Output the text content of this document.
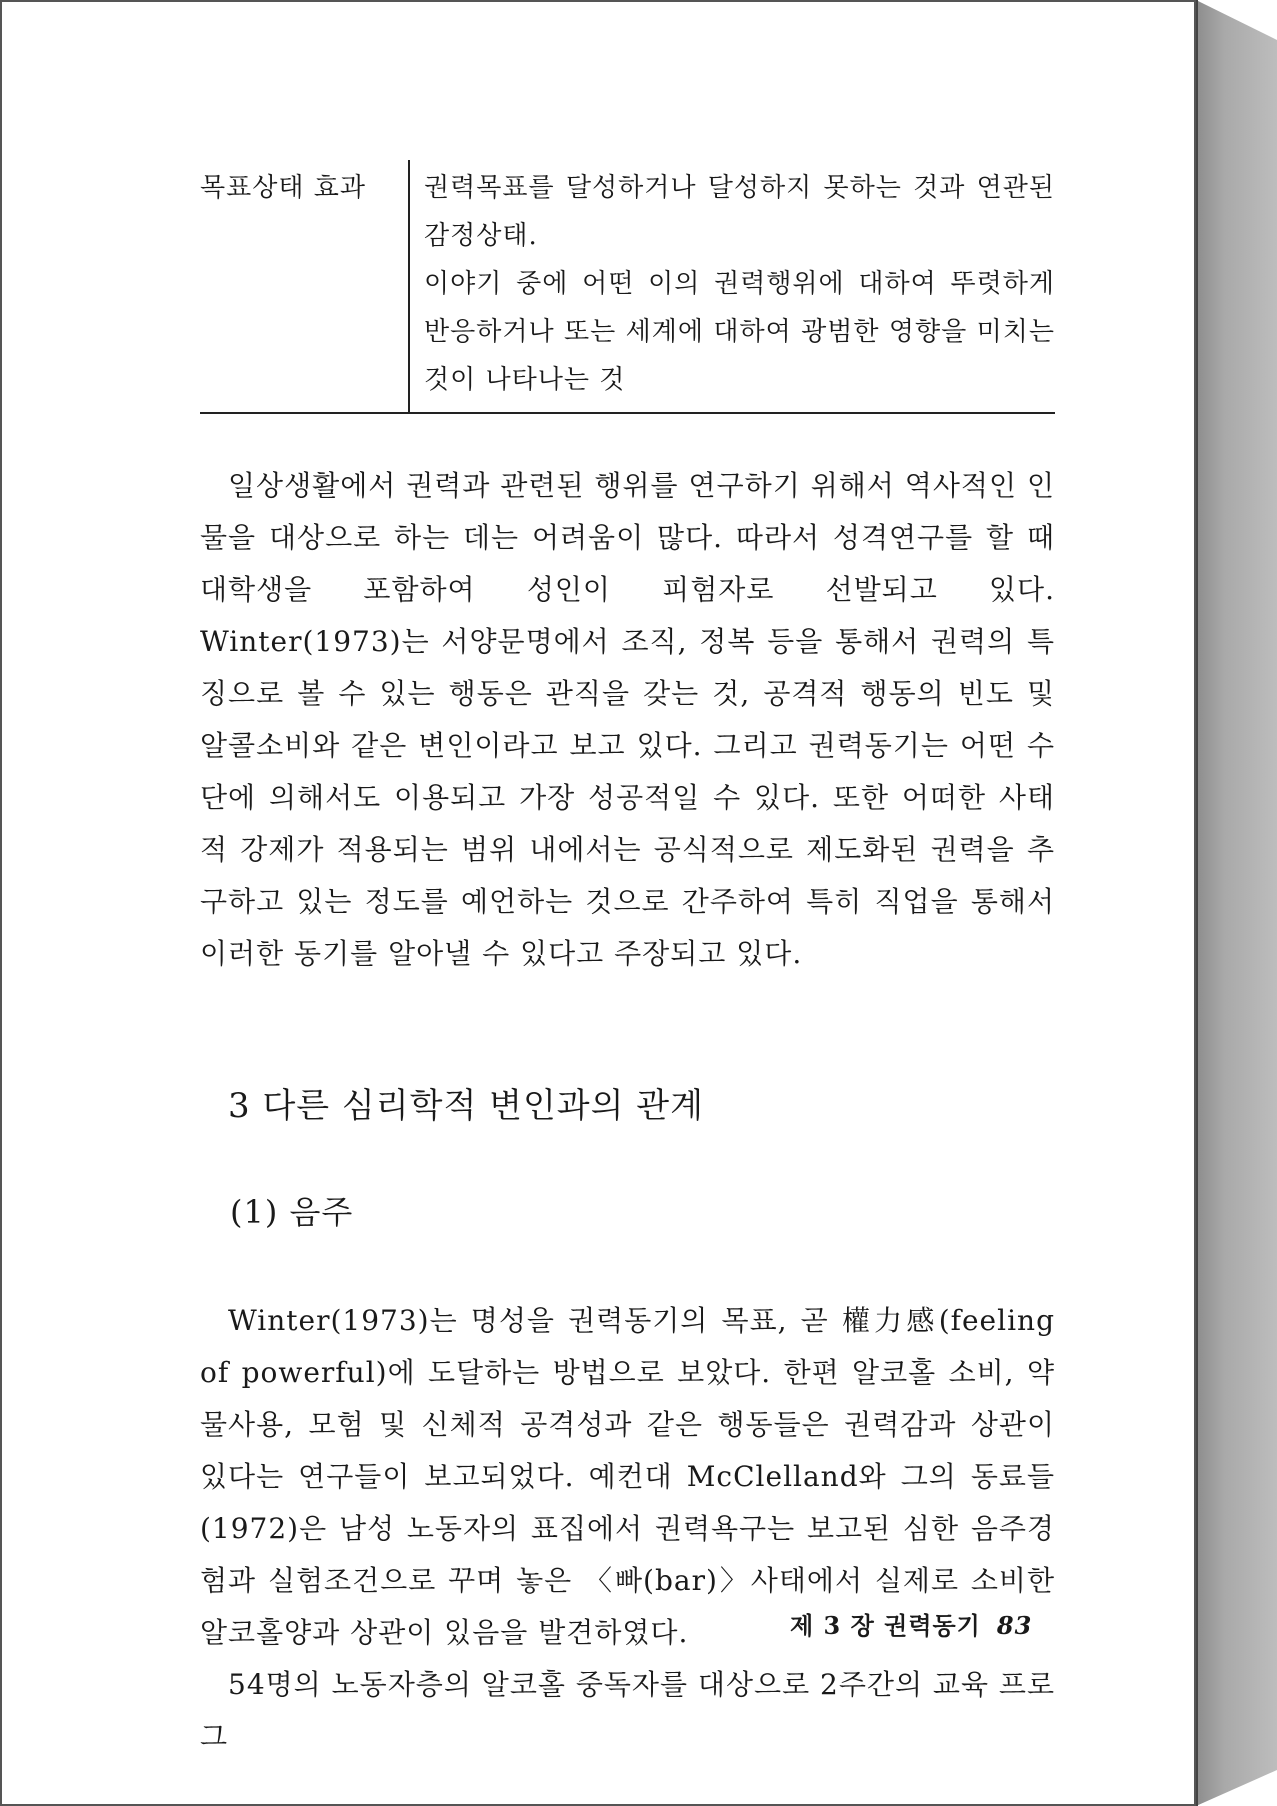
목표상태 효과	권력목표를 달성하거나 달성하지 못하는 것과 연관된 감정상태.

이야기 중에 어떤 이의 권력행위에 대하여 뚜렷하게 반응하거나 또는 세계에 대하여 광범한 영향을 미치는 것이 나타나는 것

일상생활에서 권력과 관련된 행위를 연구하기 위해서 역사적인 인물을 대상으로 하는 데는 어려움이 많다. 따라서 성격연구를 할 때 대학생을 포함하여 성인이 피험자로 선발되고 있다. Winter(1973)는 서양문명에서 조직, 정복 등을 통해서 권력의 특징으로 볼 수 있는 행동은 관직을 갖는 것, 공격적 행동의 빈도 및 알콜소비와 같은 변인이라고 보고 있다. 그리고 권력동기는 어떤 수단에 의해서도 이용되고 가장 성공적일 수 있다. 또한 어떠한 사태적 강제가 적용되는 범위 내에서는 공식적으로 제도화된 권력을 추구하고 있는 정도를 예언하는 것으로 간주하여 특히 직업을 통해서 이러한 동기를 알아낼 수 있다고 주장되고 있다.

3 다른 심리학적 변인과의 관계
(1) 음주

Winter(1973)는 명성을 권력동기의 목표, 곧 權力感(feeling of powerful)에 도달하는 방법으로 보았다. 한편 알코홀 소비, 약물사용, 모험 및 신체적 공격성과 같은 행동들은 권력감과 상관이 있다는 연구들이 보고되었다. 예컨대 McClelland와 그의 동료들(1972)은 남성 노동자의 표집에서 권력욕구는 보고된 심한 음주경험과 실험조건으로 꾸며 놓은 〈빠(bar)〉사태에서 실제로 소비한 알코홀양과 상관이 있음을 발견하였다.

54명의 노동자층의 알코홀 중독자를 대상으로 2주간의 교육 프로그

제 3 장 권력동기 83
